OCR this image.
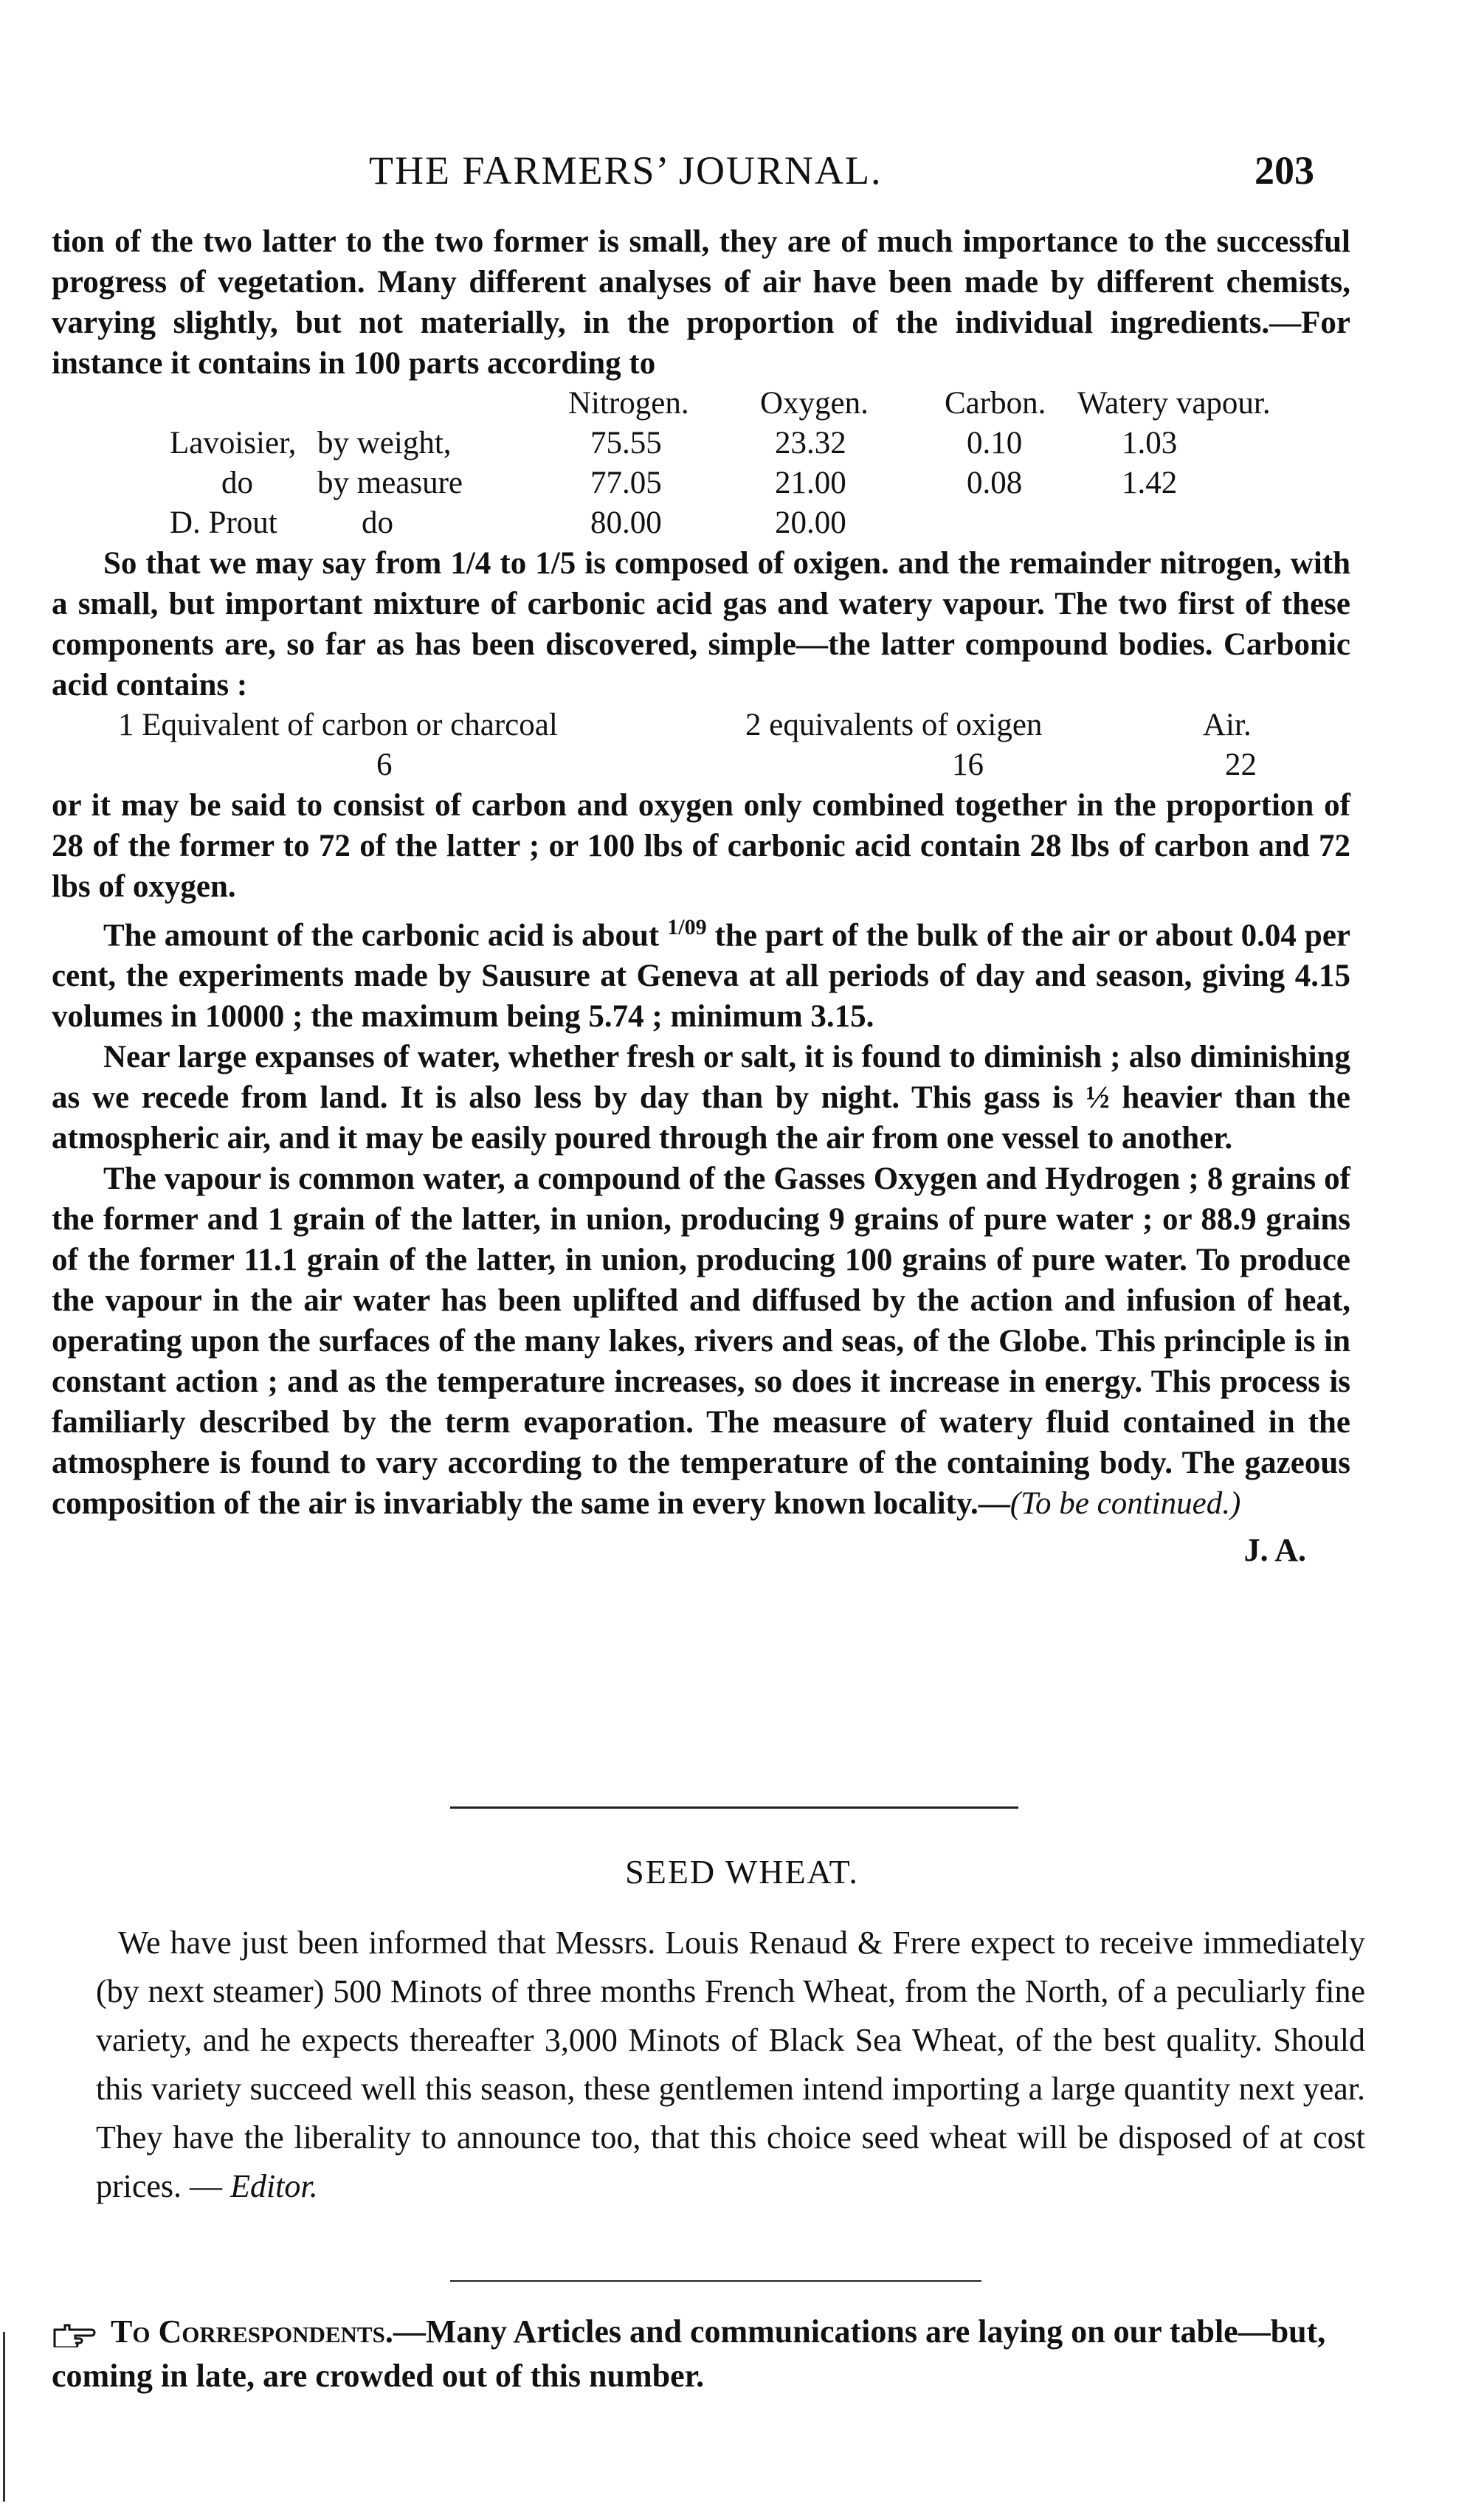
THE FARMERS’ JOURNAL.	203

tion of the two latter to the two former is small, they are of much importance to the successful progress of vegetation. Many different analyses of air have been made by different chemists, varying slightly, but not materially, in the proportion of the individual ingredients.—For instance it contains in 100 parts according to

		Nitrogen.	Oxygen.	Carbon.	Watery vapour.
Lavoisier,	by weight,	75.55	23.32	0.10	1.03
do	by measure	77.05	21.00	0.08	1.42
D. Prout	do	80.00	20.00		

So that we may say from 1/4 to 1/5 is composed of oxigen. and the remainder nitrogen, with a small, but important mixture of carbonic acid gas and watery vapour. The two first of these components are, so far as has been discovered, simple—the latter compound bodies. Carbonic acid contains :

1 Equivalent of carbon or charcoal	2 equivalents of oxigen	Air.
6	16	22

or it may be said to consist of carbon and oxygen only combined together in the proportion of 28 of the former to 72 of the latter ; or 100 lbs of carbonic acid contain 28 lbs of carbon and 72 lbs of oxygen.

The amount of the carbonic acid is about $^{1/09}$ the part of the bulk of the air or about 0.04 per cent, the experiments made by Sausure at Geneva at all periods of day and season, giving 4.15 volumes in 10000 ; the maximum being 5.74 ; minimum 3.15.

Near large expanses of water, whether fresh or salt, it is found to diminish ; also diminishing as we recede from land. It is also less by day than by night. This gass is ½ heavier than the atmospheric air, and it may be easily poured through the air from one vessel to another.

The vapour is common water, a compound of the Gasses Oxygen and Hydrogen ; 8 grains of the former and 1 grain of the latter, in union, producing 9 grains of pure water ; or 88.9 grains of the former 11.1 grain of the latter, in union, producing 100 grains of pure water. To produce the vapour in the air water has been uplifted and diffused by the action and infusion of heat, operating upon the surfaces of the many lakes, rivers and seas, of the Globe. This principle is in constant action ; and as the temperature increases, so does it increase in energy. This process is familiarly described by the term evaporation. The measure of watery fluid contained in the atmosphere is found to vary according to the temperature of the containing body. The gazeous composition of the air is invariably the same in every known locality.—(To be continued.)

J. A.
SEED WHEAT.

We have just been informed that Messrs. Louis Renaud & Frere expect to receive immediately (by next steamer) 500 Minots of three months French Wheat, from the North, of a peculiarly fine variety, and he expects thereafter 3,000 Minots of Black Sea Wheat, of the best quality. Should this variety succeed well this season, these gentlemen intend importing a large quantity next year. They have the liberality to announce too, that this choice seed wheat will be disposed of at cost prices. — Editor.

To Correspondents.—Many Articles and communications are laying on our table—but, coming in late, are crowded out of this number.
